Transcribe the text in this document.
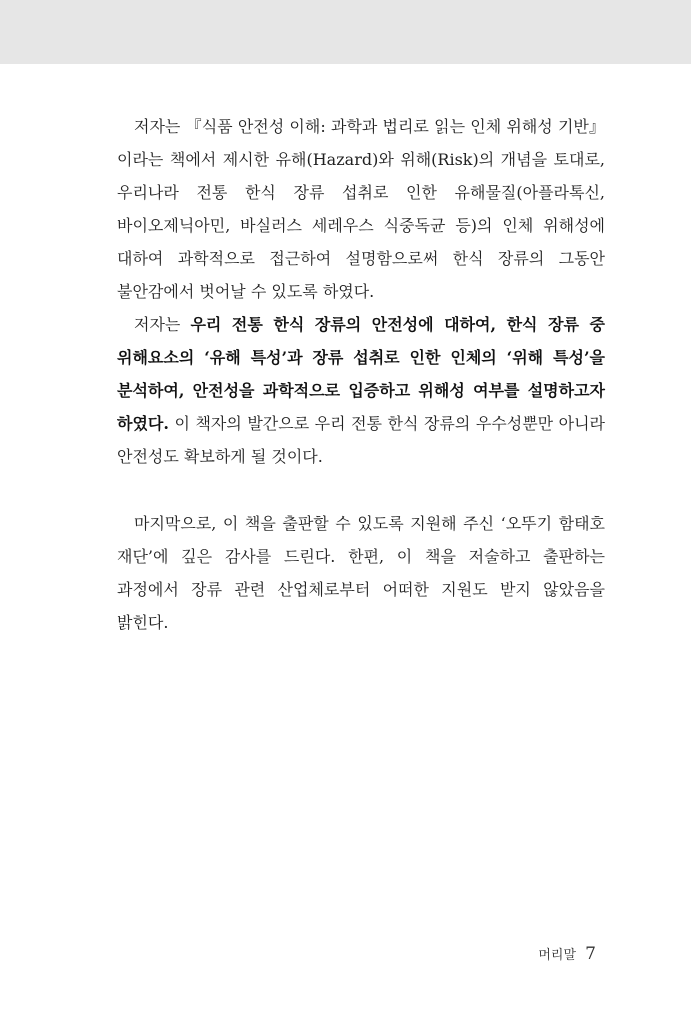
저자는 『식품 안전성 이해: 과학과 법리로 읽는 인체 위해성 기반』이라는 책에서 제시한 유해(Hazard)와 위해(Risk)의 개념을 토대로, 우리나라 전통 한식 장류 섭취로 인한 유해물질(아플라톡신, 바이오제닉아민, 바실러스 세레우스 식중독균 등)의 인체 위해성에 대하여 과학적으로 접근하여 설명함으로써 한식 장류의 그동안 불안감에서 벗어날 수 있도록 하였다.

저자는 우리 전통 한식 장류의 안전성에 대하여, 한식 장류 중 위해요소의 ‘유해 특성’과 장류 섭취로 인한 인체의 ‘위해 특성’을 분석하여, 안전성을 과학적으로 입증하고 위해성 여부를 설명하고자 하였다. 이 책자의 발간으로 우리 전통 한식 장류의 우수성뿐만 아니라 안전성도 확보하게 될 것이다.

마지막으로, 이 책을 출판할 수 있도록 지원해 주신 ‘오뚜기 함태호 재단’에 깊은 감사를 드린다. 한편, 이 책을 저술하고 출판하는 과정에서 장류 관련 산업체로부터 어떠한 지원도 받지 않았음을 밝힌다.

머리말 7
